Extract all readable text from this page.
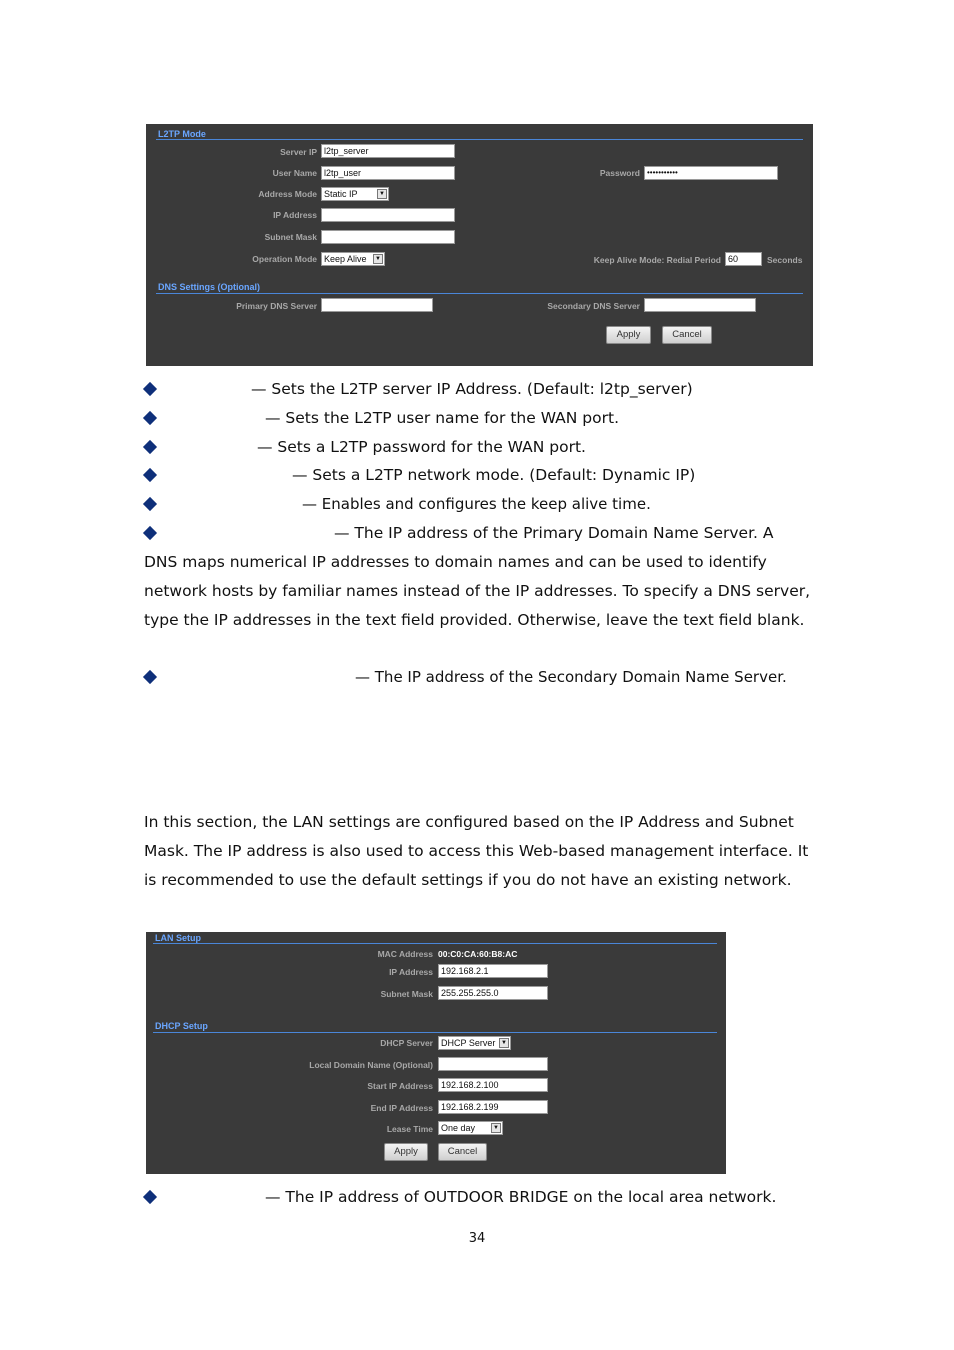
L2TP Mode
Server IP l2tp_server
User Name l2tp_user	Password •••••••••••
Address Mode Static IP	▼
IP Address
Subnet Mask
Operation Mode Keep Alive	▼	Keep Alive Mode: Redial Period 60	Seconds
DNS Settings (Optional)
Primary DNS Server	Secondary DNS Server
Apply	Cancel
— Sets the L2TP server IP Address. (Default: l2tp_server)
— Sets the L2TP user name for the WAN port.
— Sets a L2TP password for the WAN port.
— Sets a L2TP network mode. (Default: Dynamic IP)
— Enables and configures the keep alive time.
— The IP address of the Primary Domain Name Server. A
DNS maps numerical IP addresses to domain names and can be used to identify network hosts by familiar names instead of the IP addresses. To specify a DNS server, type the IP addresses in the text field provided. Otherwise, leave the text field blank.
— The IP address of the Secondary Domain Name Server.
In this section, the LAN settings are configured based on the IP Address and Subnet Mask. The IP address is also used to access this Web-based management interface. It is recommended to use the default settings if you do not have an existing network.
LAN Setup
MAC Address 00:C0:CA:60:B8:AC
IP Address 192.168.2.1
Subnet Mask 255.255.255.0
DHCP Setup
DHCP Server DHCP Server ▼
Local Domain Name (Optional)
Start IP Address 192.168.2.100
End IP Address 192.168.2.199
Lease Time One day	▼
Apply	Cancel
— The IP address of OUTDOOR BRIDGE on the local area network.
34
